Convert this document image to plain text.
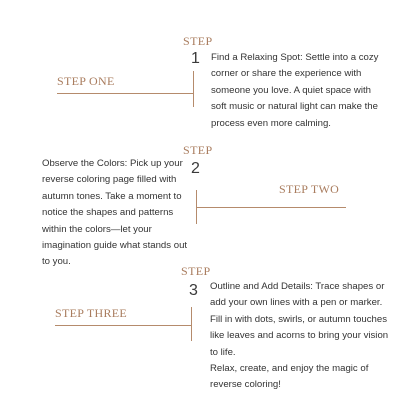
STEP

1

STEP ONE

Find a Relaxing Spot: Settle into a cozy corner or share the experience with someone you love. A quiet space with soft music or natural light can make the process even more calming.

STEP

2

STEP TWO

Observe the Colors: Pick up your reverse coloring page filled with autumn tones. Take a moment to notice the shapes and patterns within the colors—let your imagination guide what stands out to you.

STEP

3

STEP THREE

Outline and Add Details: Trace shapes or add your own lines with a pen or marker. Fill in with dots, swirls, or autumn touches like leaves and acorns to bring your vision to life.
Relax, create, and enjoy the magic of reverse coloring!
